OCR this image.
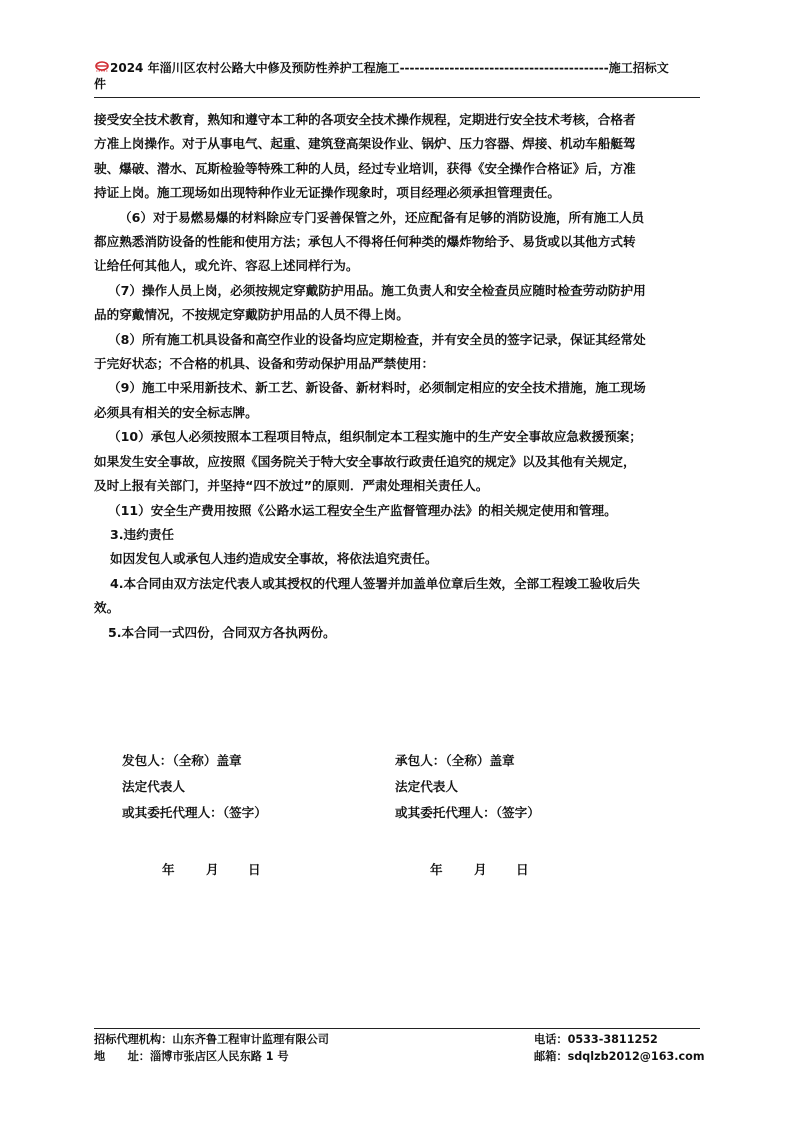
2024 年淄川区农村公路大中修及预防性养护工程施工------------------------------------------施工招标文
件

接受安全技术教育，熟知和遵守本工种的各项安全技术操作规程，定期进行安全技术考核，合格者

方准上岗操作。对于从事电气、起重、建筑登高架设作业、锅炉、压力容器、焊接、机动车船艇驾

驶、爆破、潜水、瓦斯检验等特殊工种的人员，经过专业培训，获得《安全操作合格证》后，方准

持证上岗。施工现场如出现特种作业无证操作现象时，项目经理必须承担管理责任。

（6）对于易燃易爆的材料除应专门妥善保管之外，还应配备有足够的消防设施，所有施工人员

都应熟悉消防设备的性能和使用方法；承包人不得将任何种类的爆炸物给予、易货或以其他方式转

让给任何其他人，或允许、容忍上述同样行为。

（7）操作人员上岗，必须按规定穿戴防护用品。施工负责人和安全检查员应随时检查劳动防护用

品的穿戴情况，不按规定穿戴防护用品的人员不得上岗。

（8）所有施工机具设备和高空作业的设备均应定期检查，并有安全员的签字记录，保证其经常处

于完好状态；不合格的机具、设备和劳动保护用品严禁使用：

（9）施工中采用新技术、新工艺、新设备、新材料时，必须制定相应的安全技术措施，施工现场

必须具有相关的安全标志牌。

（10）承包人必须按照本工程项目特点，组织制定本工程实施中的生产安全事故应急救援预案；

如果发生安全事故，应按照《国务院关于特大安全事故行政责任追究的规定》以及其他有关规定，

及时上报有关部门，并坚持“四不放过”的原则．严肃处理相关责任人。

（11）安全生产费用按照《公路水运工程安全生产监督管理办法》的相关规定使用和管理。

3.违约责任

如因发包人或承包人违约造成安全事故，将依法追究责任。

4.本合同由双方法定代表人或其授权的代理人签署并加盖单位章后生效，全部工程竣工验收后失

效。

5.本合同一式四份，合同双方各执两份。

发包人：（全称）盖章
法定代表人
或其委托代理人：（签字）
承包人：（全称）盖章
法定代表人
或其委托代理人：（签字）
年 月 日	年 月 日
招标代理机构：山东齐鲁工程审计监理有限公司	电话：0533-3811252
地　　址：淄博市张店区人民东路 1 号	邮箱：sdqlzb2012@163.com
